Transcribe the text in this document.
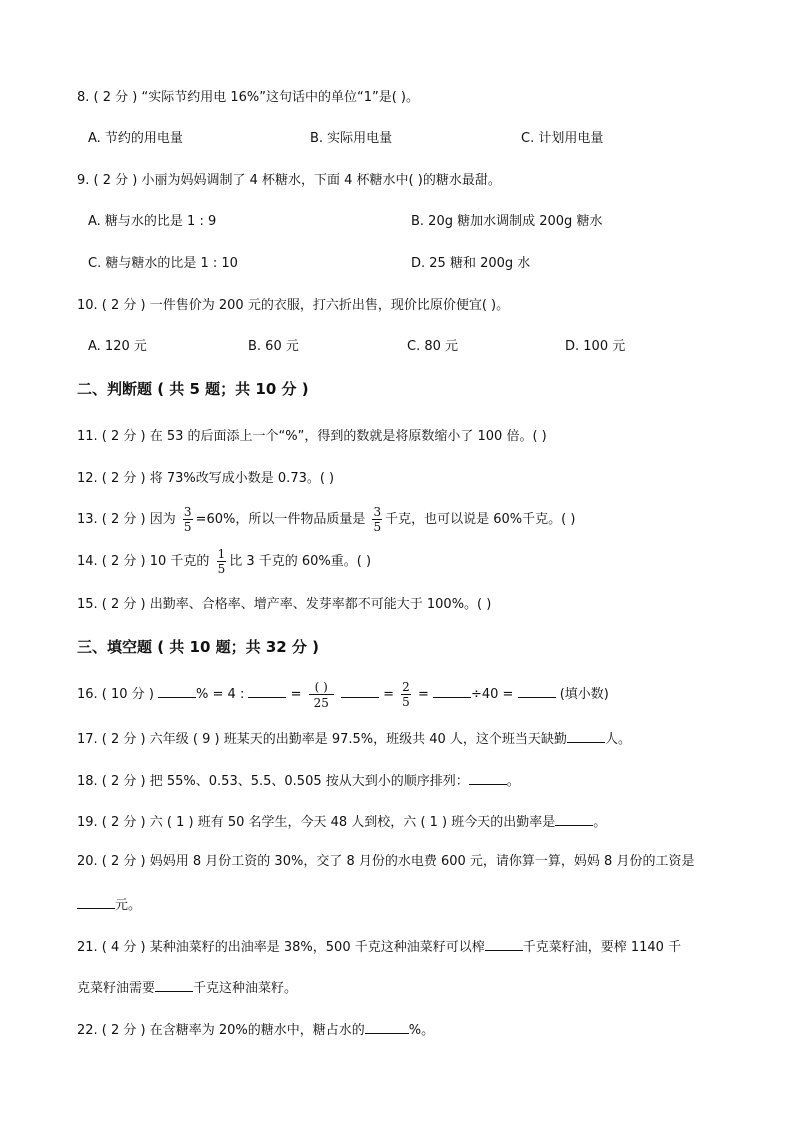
8. ( 2 分 ) “实际节约用电 16%”这句话中的单位“1”是( )。
A. 节约的用电量	B. 实际用电量	C. 计划用电量
9. ( 2 分 ) 小丽为妈妈调制了 4 杯糖水，下面 4 杯糖水中( )的糖水最甜。
A. 糖与水的比是 1 : 9	B. 20g 糖加水调制成 200g 糖水
C. 糖与糖水的比是 1 : 10	D. 25 糖和 200g 水
10. ( 2 分 ) 一件售价为 200 元的衣服，打六折出售，现价比原价便宜( )。
A. 120 元	B. 60 元	C. 80 元	D. 100 元
二、判断题 ( 共 5 题；共 10 分 )
11. ( 2 分 ) 在 53 的后面添上一个“%”，得到的数就是将原数缩小了 100 倍。( )
12. ( 2 分 ) 将 73%改写成小数是 0.73。( )
13. ( 2 分 ) 因为 $\frac{3}{5} =60\%$，所以一件物品质量是 $\frac{3}{5}$ 千克，也可以说是 60%千克。( )
14. ( 2 分 ) 10 千克的 $\frac{1}{5}$ 比 3 千克的 60%重。( )
15. ( 2 分 ) 出勤率、合格率、增产率、发芽率都不可能大于 100%。( )
三、填空题 ( 共 10 题；共 32 分 )
16. ( 10 分 )	% = 4 :	= $\frac{( )}{25}$	= $\frac{2}{5}$ =	÷40 =	(填小数)
17. ( 2 分 ) 六年级 ( 9 ) 班某天的出勤率是 97.5%，班级共 40 人，这个班当天缺勤	人。
18. ( 2 分 ) 把 55%、0.53、5.5、0.505 按从大到小的顺序排列：	。
19. ( 2 分 ) 六 ( 1 ) 班有 50 名学生，今天 48 人到校，六 ( 1 ) 班今天的出勤率是	。
20. ( 2 分 ) 妈妈用 8 月份工资的 30%，交了 8 月份的水电费 600 元，请你算一算，妈妈 8 月份的工资是
元。
21. ( 4 分 ) 某种油菜籽的出油率是 38%，500 千克这种油菜籽可以榨	千克菜籽油，要榨 1140 千
克菜籽油需要	千克这种油菜籽。
22. ( 2 分 ) 在含糖率为 20%的糖水中，糖占水的	%。
